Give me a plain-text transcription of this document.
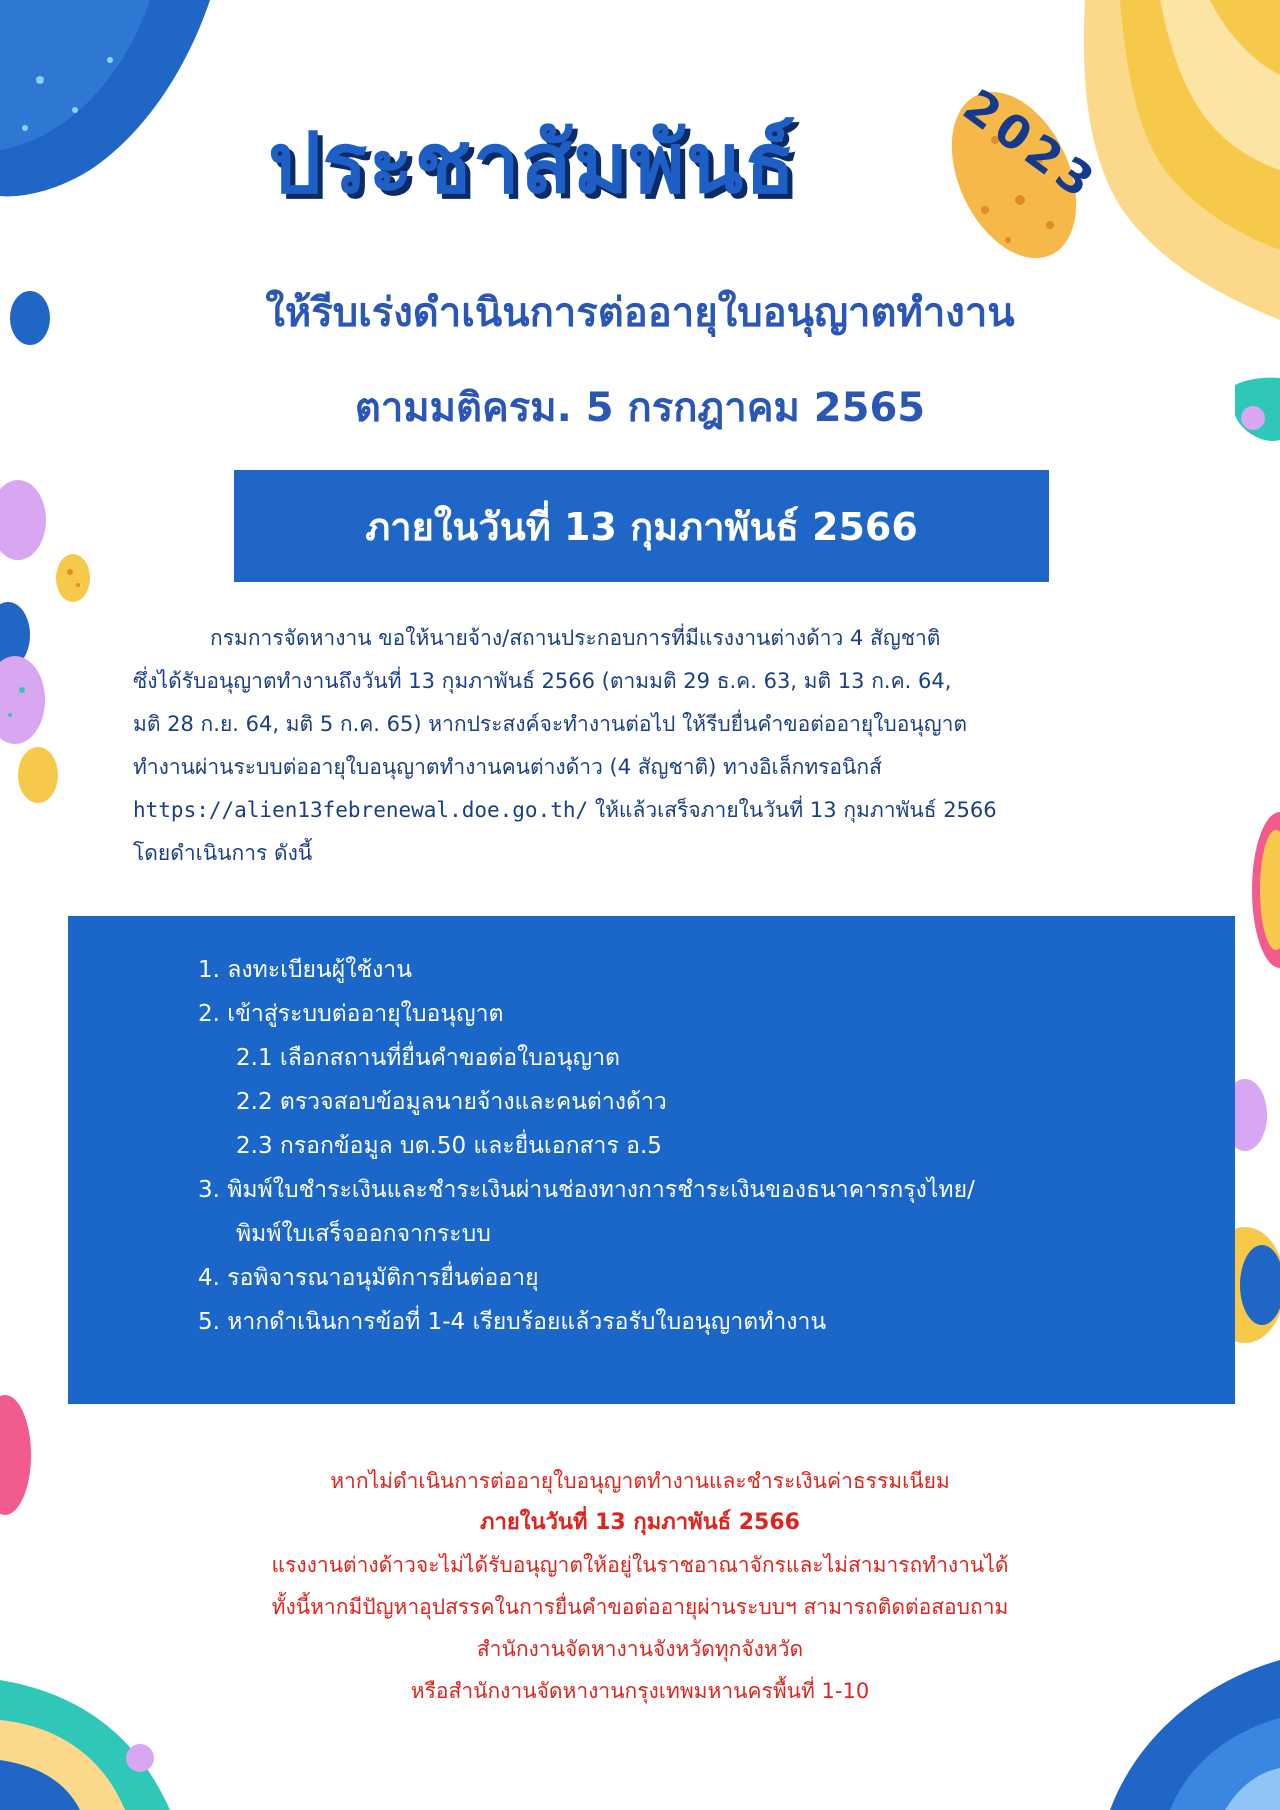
ประชาสัมพันธ์	2023
ให้รีบเร่งดำเนินการต่ออายุใบอนุญาตทำงาน
ตามมติครม. 5 กรกฎาคม 2565
ภายในวันที่ 13 กุมภาพันธ์ 2566
กรมการจัดหางาน ขอให้นายจ้าง/สถานประกอบการที่มีแรงงานต่างด้าว 4 สัญชาติ
ซึ่งได้รับอนุญาตทำงานถึงวันที่ 13 กุมภาพันธ์ 2566 (ตามมติ 29 ธ.ค. 63, มติ 13 ก.ค. 64,
มติ 28 ก.ย. 64, มติ 5 ก.ค. 65) หากประสงค์จะทำงานต่อไป ให้รีบยื่นคำขอต่ออายุใบอนุญาต
ทำงานผ่านระบบต่ออายุใบอนุญาตทำงานคนต่างด้าว (4 สัญชาติ) ทางอิเล็กทรอนิกส์
https://alien13febrenewal.doe.go.th/ ให้แล้วเสร็จภายในวันที่ 13 กุมภาพันธ์ 2566
โดยดำเนินการ ดังนี้
1. ลงทะเบียนผู้ใช้งาน
2. เข้าสู่ระบบต่ออายุใบอนุญาต
2.1 เลือกสถานที่ยื่นคำขอต่อใบอนุญาต
2.2 ตรวจสอบข้อมูลนายจ้างและคนต่างด้าว
2.3 กรอกข้อมูล บต.50 และยื่นเอกสาร อ.5
3. พิมพ์ใบชำระเงินและชำระเงินผ่านช่องทางการชำระเงินของธนาคารกรุงไทย/
พิมพ์ใบเสร็จออกจากระบบ
4. รอพิจารณาอนุมัติการยื่นต่ออายุ
5. หากดำเนินการข้อที่ 1-4 เรียบร้อยแล้วรอรับใบอนุญาตทำงาน
หากไม่ดำเนินการต่ออายุใบอนุญาตทำงานและชำระเงินค่าธรรมเนียม
ภายในวันที่ 13 กุมภาพันธ์ 2566
แรงงานต่างด้าวจะไม่ได้รับอนุญาตให้อยู่ในราชอาณาจักรและไม่สามารถทำงานได้
ทั้งนี้หากมีปัญหาอุปสรรคในการยื่นคำขอต่ออายุผ่านระบบฯ สามารถติดต่อสอบถาม
สำนักงานจัดหางานจังหวัดทุกจังหวัด
หรือสำนักงานจัดหางานกรุงเทพมหานครพื้นที่ 1-10
